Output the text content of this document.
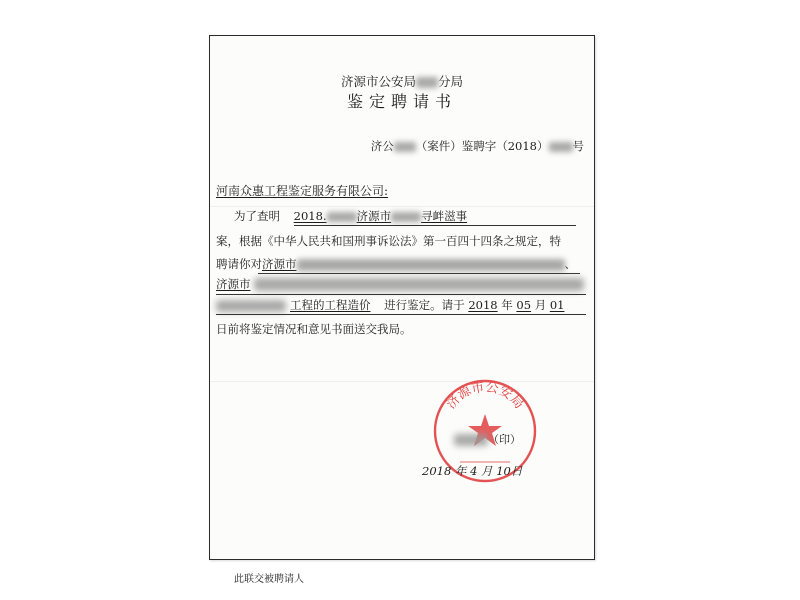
济源市公安局 分局
鉴定聘请书
济公 （案件）鉴聘字（2018） 号
河南众惠工程鉴定服务有限公司:
为了查明 2018.	济源市	寻衅滋事
案，根据《中华人民共和国刑事诉讼法》第一百四十四条之规定，特
聘请你对济源市	、
济源市
工程的工程造价 进行鉴定。请于 2018 年 05 月 01
日前将鉴定情况和意见书面送交我局。
济源市公安局
（印）
2018 年 4 月 10日
此联交被聘请人
